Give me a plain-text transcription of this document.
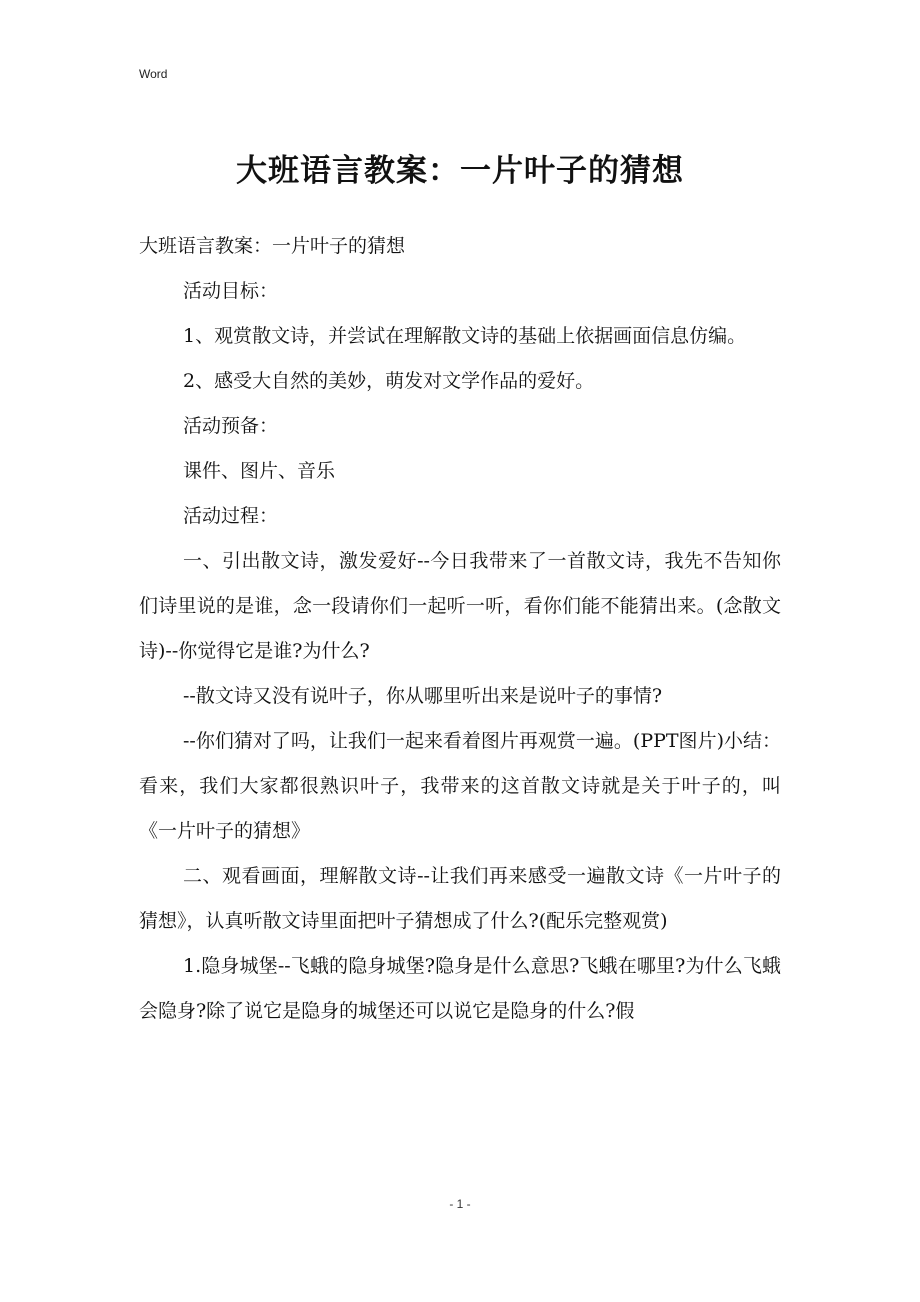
Word
大班语言教案：一片叶子的猜想

大班语言教案：一片叶子的猜想

活动目标：

1、观赏散文诗，并尝试在理解散文诗的基础上依据画面信息仿编。

2、感受大自然的美妙，萌发对文学作品的爱好。

活动预备：

课件、图片、音乐

活动过程：

一、引出散文诗，激发爱好--今日我带来了一首散文诗，我先不告知你们诗里说的是谁，念一段请你们一起听一听，看你们能不能猜出来。(念散文诗)--你觉得它是谁?为什么?

--散文诗又没有说叶子，你从哪里听出来是说叶子的事情?

--你们猜对了吗，让我们一起来看着图片再观赏一遍。(PPT图片)小结：看来，我们大家都很熟识叶子，我带来的这首散文诗就是关于叶子的，叫《一片叶子的猜想》

二、观看画面，理解散文诗--让我们再来感受一遍散文诗《一片叶子的猜想》，认真听散文诗里面把叶子猜想成了什么?(配乐完整观赏)

1.隐身城堡--飞蛾的隐身城堡?隐身是什么意思?飞蛾在哪里?为什么飞蛾会隐身?除了说它是隐身的城堡还可以说它是隐身的什么?假

- 1 -
